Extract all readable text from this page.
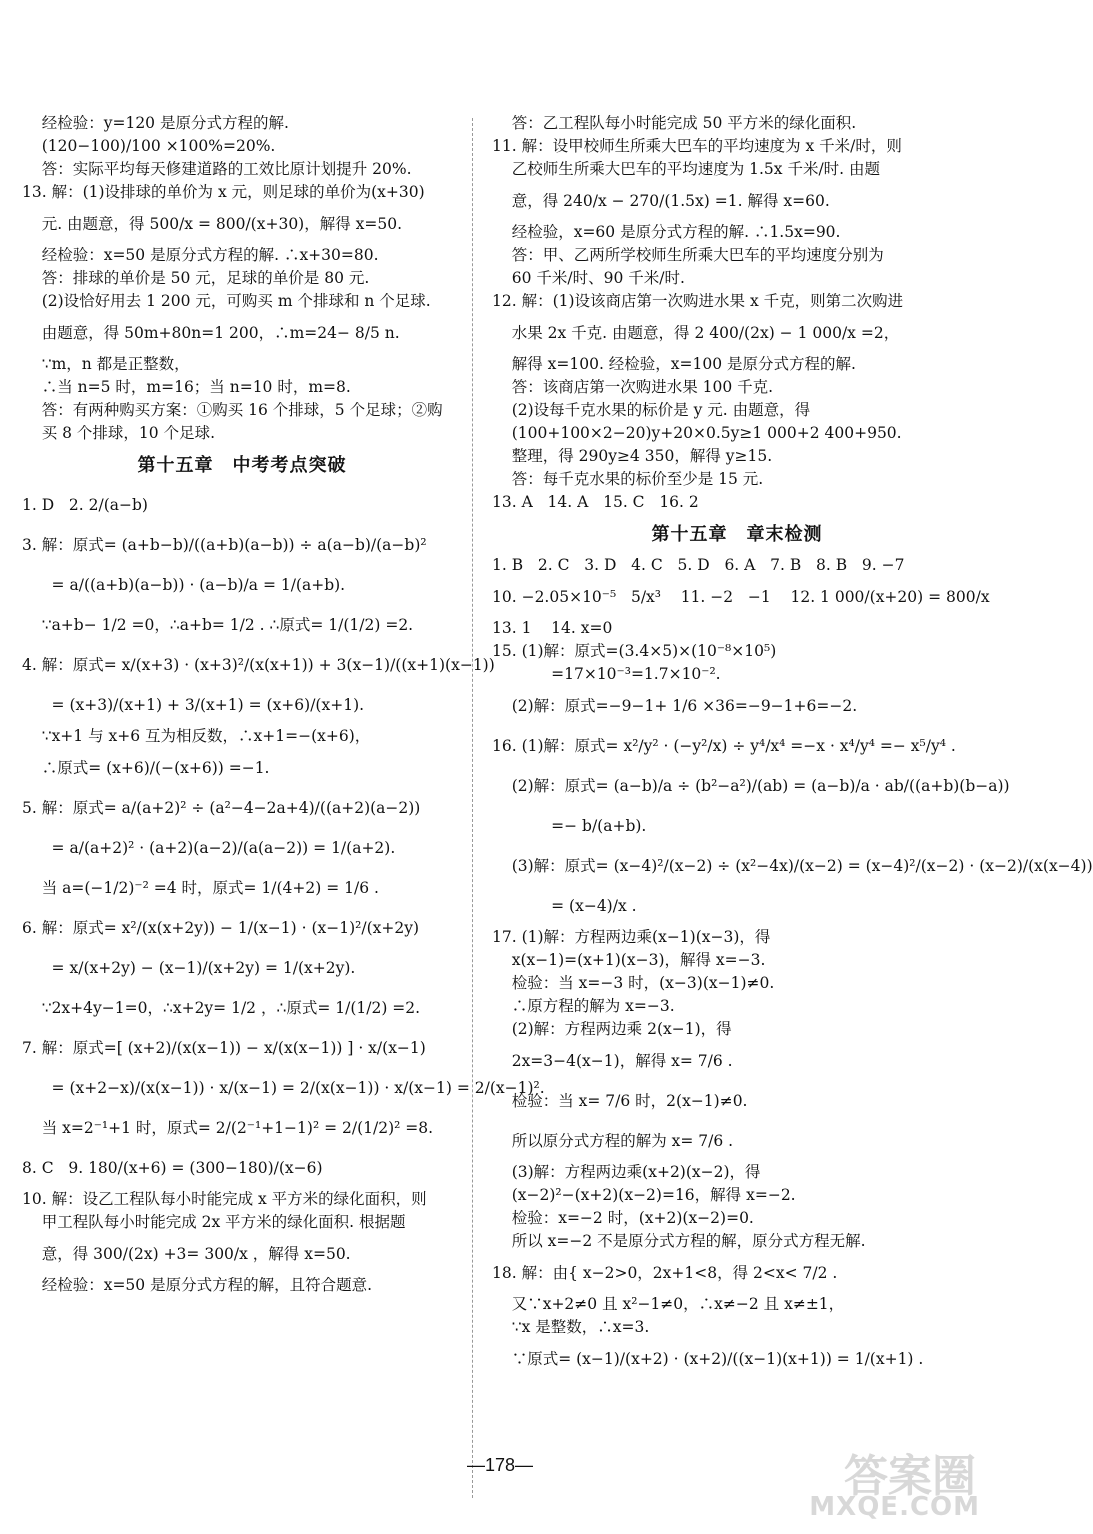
经检验：y=120 是原分式方程的解.
(120−100)/100 ×100%=20%.
答：实际平均每天修建道路的工效比原计划提升 20%.
13. 解：(1)设排球的单价为 x 元，则足球的单价为(x+30)
元. 由题意，得 500/x = 800/(x+30)，解得 x=50.
经检验：x=50 是原分式方程的解. ∴x+30=80.
答：排球的单价是 50 元，足球的单价是 80 元.
(2)设恰好用去 1 200 元，可购买 m 个排球和 n 个足球.
由题意，得 50m+80n=1 200，∴m=24− 8/5 n.
∵m，n 都是正整数，
∴当 n=5 时，m=16；当 n=10 时，m=8.
答：有两种购买方案：①购买 16 个排球，5 个足球；②购
买 8 个排球，10 个足球.
第十五章　中考考点突破
1. D   2. 2/(a−b)
3. 解：原式= (a+b−b)/((a+b)(a−b)) ÷ a(a−b)/(a−b)²
= a/((a+b)(a−b)) · (a−b)/a = 1/(a+b).
∵a+b− 1/2 =0，∴a+b= 1/2 . ∴原式= 1/(1/2) =2.
4. 解：原式= x/(x+3) · (x+3)²/(x(x+1)) + 3(x−1)/((x+1)(x−1))
= (x+3)/(x+1) + 3/(x+1) = (x+6)/(x+1).
∵x+1 与 x+6 互为相反数，∴x+1=−(x+6)，
∴原式= (x+6)/(−(x+6)) =−1.
5. 解：原式= a/(a+2)² ÷ (a²−4−2a+4)/((a+2)(a−2))
= a/(a+2)² · (a+2)(a−2)/(a(a−2)) = 1/(a+2).
当 a=(−1/2)⁻² =4 时，原式= 1/(4+2) = 1/6 .
6. 解：原式= x²/(x(x+2y)) − 1/(x−1) · (x−1)²/(x+2y)
= x/(x+2y) − (x−1)/(x+2y) = 1/(x+2y).
∵2x+4y−1=0，∴x+2y= 1/2 ，∴原式= 1/(1/2) =2.
7. 解：原式=[ (x+2)/(x(x−1)) − x/(x(x−1)) ] · x/(x−1)
= (x+2−x)/(x(x−1)) · x/(x−1) = 2/(x(x−1)) · x/(x−1) = 2/(x−1)².
当 x=2⁻¹+1 时，原式= 2/(2⁻¹+1−1)² = 2/(1/2)² =8.
8. C   9. 180/(x+6) = (300−180)/(x−6)
10. 解：设乙工程队每小时能完成 x 平方米的绿化面积，则
甲工程队每小时能完成 2x 平方米的绿化面积. 根据题
意，得 300/(2x) +3= 300/x ，解得 x=50.
经检验：x=50 是原分式方程的解，且符合题意.
答：乙工程队每小时能完成 50 平方米的绿化面积.
11. 解：设甲校师生所乘大巴车的平均速度为 x 千米/时，则
乙校师生所乘大巴车的平均速度为 1.5x 千米/时. 由题
意，得 240/x − 270/(1.5x) =1. 解得 x=60.
经检验，x=60 是原分式方程的解. ∴1.5x=90.
答：甲、乙两所学校师生所乘大巴车的平均速度分别为
60 千米/时、90 千米/时.
12. 解：(1)设该商店第一次购进水果 x 千克，则第二次购进
水果 2x 千克. 由题意，得 2 400/(2x) − 1 000/x =2，
解得 x=100. 经检验，x=100 是原分式方程的解.
答：该商店第一次购进水果 100 千克.
(2)设每千克水果的标价是 y 元. 由题意，得
(100+100×2−20)y+20×0.5y≥1 000+2 400+950.
整理，得 290y≥4 350，解得 y≥15.
答：每千克水果的标价至少是 15 元.
13. A   14. A   15. C   16. 2
第十五章　章末检测
1. B   2. C   3. D   4. C   5. D   6. A   7. B   8. B   9. −7
10. −2.05×10⁻⁵   5/x³    11. −2   −1    12. 1 000/(x+20) = 800/x
13. 1    14. x=0
15. (1)解：原式=(3.4×5)×(10⁻⁸×10⁵)
=17×10⁻³=1.7×10⁻².
(2)解：原式=−9−1+ 1/6 ×36=−9−1+6=−2.
16. (1)解：原式= x²/y² · (−y²/x) ÷ y⁴/x⁴ =−x · x⁴/y⁴ =− x⁵/y⁴ .
(2)解：原式= (a−b)/a ÷ (b²−a²)/(ab) = (a−b)/a · ab/((a+b)(b−a))
=− b/(a+b).
(3)解：原式= (x−4)²/(x−2) ÷ (x²−4x)/(x−2) = (x−4)²/(x−2) · (x−2)/(x(x−4))
= (x−4)/x .
17. (1)解：方程两边乘(x−1)(x−3)，得
x(x−1)=(x+1)(x−3)，解得 x=−3.
检验：当 x=−3 时，(x−3)(x−1)≠0.
∴原方程的解为 x=−3.
(2)解：方程两边乘 2(x−1)，得
2x=3−4(x−1)，解得 x= 7/6 .
检验：当 x= 7/6 时，2(x−1)≠0.
所以原分式方程的解为 x= 7/6 .
(3)解：方程两边乘(x+2)(x−2)，得
(x−2)²−(x+2)(x−2)=16，解得 x=−2.
检验：x=−2 时，(x+2)(x−2)=0.
所以 x=−2 不是原分式方程的解，原分式方程无解.
18. 解：由{ x−2>0，2x+1<8，得 2<x< 7/2 .
又∵x+2≠0 且 x²−1≠0，∴x≠−2 且 x≠±1，
∵x 是整数，∴x=3.
∵原式= (x−1)/(x+2) · (x+2)/((x−1)(x+1)) = 1/(x+1) .
—178—	答案圈
MXQE.COM
